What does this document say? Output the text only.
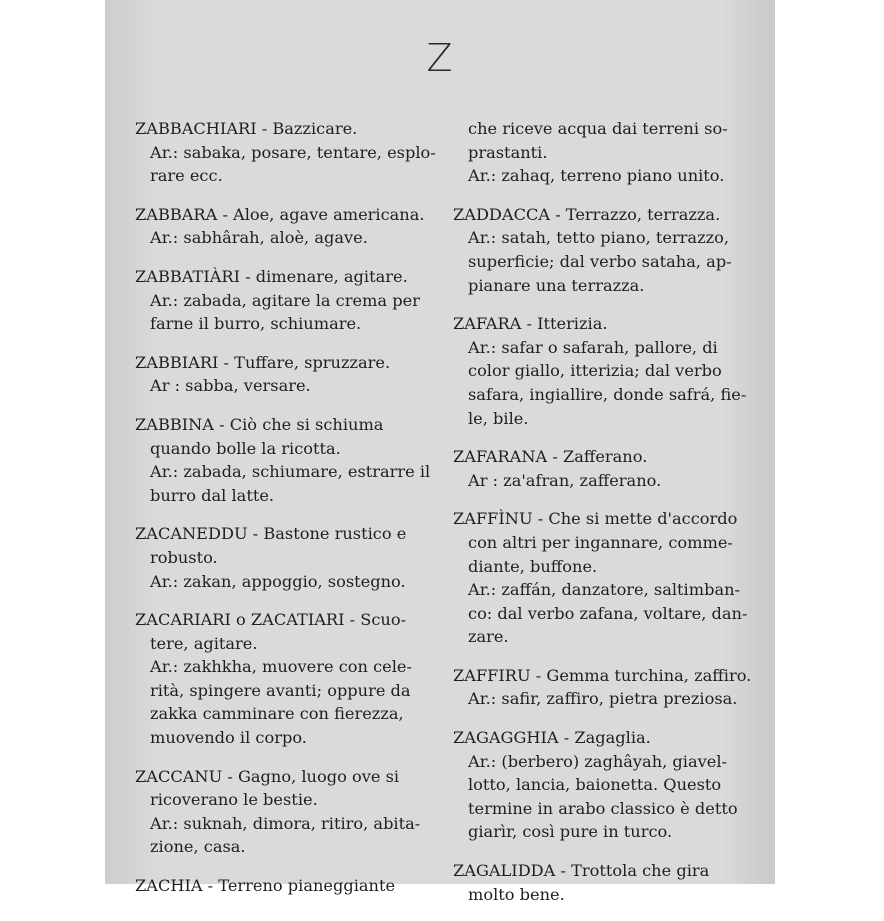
Z
ZABBACHIARI - Bazzicare.
Ar.: sabaka, posare, tentare, esplo-
rare ecc.
ZABBARA - Aloe, agave americana.
Ar.: sabhârah, aloè, agave.
ZABBATIÀRI - dimenare, agitare.
Ar.: zabada, agitare la crema per
farne il burro, schiumare.
ZABBIARI - Tuffare, spruzzare.
Ar : sabba, versare.
ZABBINA - Ciò che si schiuma
quando bolle la ricotta.
Ar.: zabada, schiumare, estrarre il
burro dal latte.
ZACANEDDU - Bastone rustico e
robusto.
Ar.: zakan, appoggio, sostegno.
ZACARIARI o ZACATIARI - Scuo-
tere, agitare.
Ar.: zakhkha, muovere con cele-
rità, spingere avanti; oppure da
zakka camminare con fierezza,
muovendo il corpo.
ZACCANU - Gagno, luogo ove si
ricoverano le bestie.
Ar.: suknah, dimora, ritiro, abita-
zione, casa.
ZACHIA - Terreno pianeggiante
che riceve acqua dai terreni so-
prastanti.
Ar.: zahaq, terreno piano unito.
ZADDACCA - Terrazzo, terrazza.
Ar.: satah, tetto piano, terrazzo,
superficie; dal verbo sataha, ap-
pianare una terrazza.
ZAFARA - Itterizia.
Ar.: safar o safarah, pallore, di
color giallo, itterizia; dal verbo
safara, ingiallire, donde safrá, fie-
le, bile.
ZAFARANA - Zafferano.
Ar : za'afran, zafferano.
ZAFFÌNU - Che si mette d'accordo
con altri per ingannare, comme-
diante, buffone.
Ar.: zaffán, danzatore, saltimban-
co: dal verbo zafana, voltare, dan-
zare.
ZAFFIRU - Gemma turchina, zaffiro.
Ar.: safir, zaffiro, pietra preziosa.
ZAGAGGHIA - Zagaglia.
Ar.: (berbero) zaghâyah, giavel-
lotto, lancia, baionetta. Questo
termine in arabo classico è detto
giarìr, così pure in turco.
ZAGALIDDA - Trottola che gira
molto bene.
